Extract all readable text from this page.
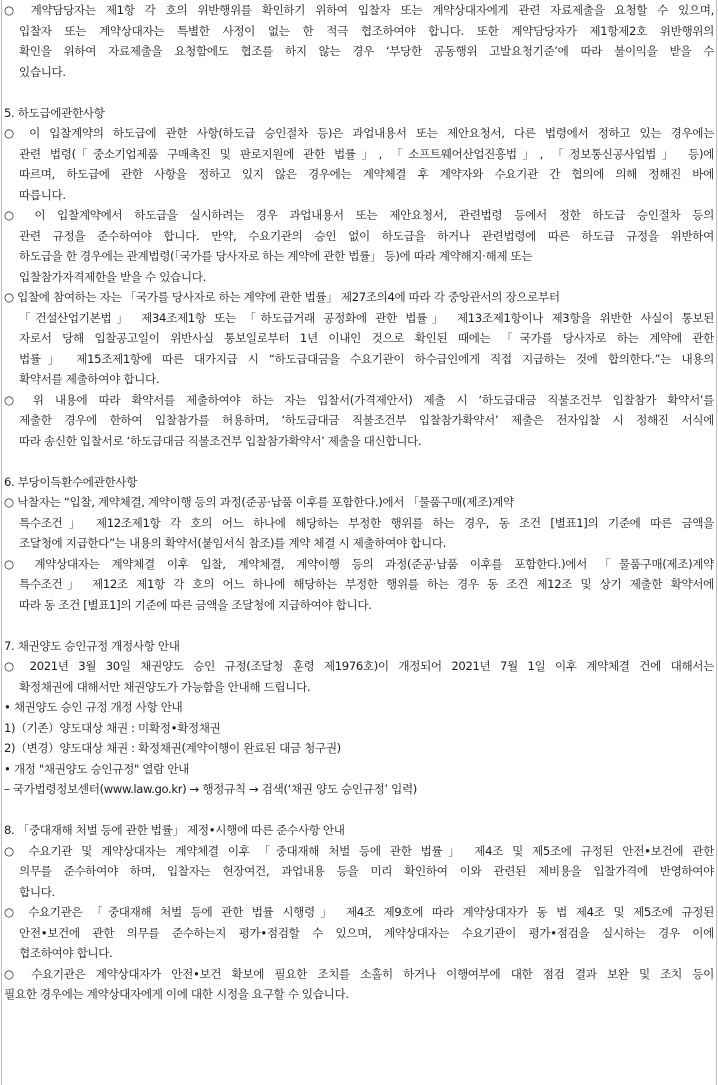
○ 계약담당자는 제1항 각 호의 위반행위를 확인하기 위하여 입찰자 또는 계약상대자에게 관련 자료제출을 요청할 수 있으며,
입찰자 또는 계약상대자는 특별한 사정이 없는 한 적극 협조하여야 합니다. 또한 계약담당자가 제1항제2호 위반행위의
확인을 위하여 자료제출을 요청함에도 협조를 하지 않는 경우 ‘부당한 공동행위 고발요청기준’에 따라 불이익을 받을 수
있습니다.
5. 하도급에관한사항
○ 이 입찰계약의 하도급에 관한 사항(하도급 승인절차 등)은 과업내용서 또는 제안요청서, 다른 법령에서 정하고 있는 경우에는
관련 법령(「중소기업제품 구매촉진 및 판로지원에 관한 법률」, 「소프트웨어산업진흥법」, 「정보통신공사업법」 등)에
따르며, 하도급에 관한 사항을 정하고 있지 않은 경우에는 계약체결 후 계약자와 수요기관 간 협의에 의해 정해진 바에
따릅니다.
○ 이 입찰계약에서 하도급을 실시하려는 경우 과업내용서 또는 제안요청서, 관련법령 등에서 정한 하도급 승인절차 등의
관련 규정을 준수하여야 합니다. 만약, 수요기관의 승인 없이 하도급을 하거나 관련법령에 따른 하도급 규정을 위반하여
하도급을 한 경우에는 관계법령(「국가를 당사자로 하는 계약에 관한 법률」 등)에 따라 계약해지·해제 또는
입찰참가자격제한을 받을 수 있습니다.
○ 입찰에 참여하는 자는 「국가를 당사자로 하는 계약에 관한 법률」 제27조의4에 따라 각 중앙관서의 장으로부터
「건설산업기본법」 제34조제1항 또는 「하도급거래 공정화에 관한 법률」 제13조제1항이나 제3항을 위반한 사실이 통보된
자로서 당해 입찰공고일이 위반사실 통보일로부터 1년 이내인 것으로 확인된 때에는 「국가를 당사자로 하는 계약에 관한
법률」 제15조제1항에 따른 대가지급 시 “하도급대금을 수요기관이 하수급인에게 직접 지급하는 것에 합의한다.”는 내용의
확약서를 제출하여야 합니다.
○ 위 내용에 따라 확약서를 제출하여야 하는 자는 입찰서(가격제안서) 제출 시 ‘하도급대금 직불조건부 입찰참가 확약서’를
제출한 경우에 한하여 입찰참가를 허용하며, ‘하도급대금 직불조건부 입찰참가확약서’ 제출은 전자입찰 시 정해진 서식에
따라 송신한 입찰서로 ‘하도급대금 직불조건부 입찰참가확약서’ 제출을 대신합니다.
6. 부당이득환수에관한사항
○ 낙찰자는 “입찰, 계약체결, 계약이행 등의 과정(준공·납품 이후를 포함한다.)에서 「물품구매(제조)계약
특수조건」 제12조제1항 각 호의 어느 하나에 해당하는 부정한 행위를 하는 경우, 동 조건 [별표1]의 기준에 따른 금액을
조달청에 지급한다”는 내용의 확약서(붙임서식 참조)를 계약 체결 시 제출하여야 합니다.
○ 계약상대자는 계약체결 이후 입찰, 계약체결, 계약이행 등의 과정(준공·납품 이후를 포함한다.)에서 「물품구매(제조)계약
특수조건」 제12조 제1항 각 호의 어느 하나에 해당하는 부정한 행위를 하는 경우 동 조건 제12조 및 상기 제출한 확약서에
따라 동 조건 [별표1]의 기준에 따른 금액을 조달청에 지급하여야 합니다.
7. 채권양도 승인규정 개정사항 안내
○ 2021년 3월 30일 채권양도 승인 규정(조달청 훈령 제1976호)이 개정되어 2021년 7월 1일 이후 계약체결 건에 대해서는
확정채권에 대해서만 채권양도가 가능함을 안내해 드립니다.
• 채권양도 승인 규정 개정 사항 안내
1)（기존）양도대상 채권 : 미확정•확정채권
2)（변경）양도대상 채권 : 확정채권(계약이행이 완료된 대금 청구권)
• 개정 "채권양도 승인규정" 열람 안내
– 국가법령정보센터(www.law.go.kr) → 행정규칙 → 검색(‘채권 양도 승인규정’ 입력)
8. 「중대재해 처벌 등에 관한 법률」 제정•시행에 따른 준수사항 안내
○ 수요기관 및 계약상대자는 계약체결 이후 「중대재해 처벌 등에 관한 법률」 제4조 및 제5조에 규정된 안전•보건에 관한
의무를 준수하여야 하며, 입찰자는 현장여건, 과업내용 등을 미리 확인하여 이와 관련된 제비용을 입찰가격에 반영하여야
합니다.
○ 수요기관은 「중대재해 처벌 등에 관한 법률 시행령」 제4조 제9호에 따라 계약상대자가 동 법 제4조 및 제5조에 규정된
안전•보건에 관한 의무를 준수하는지 평가•점검할 수 있으며, 계약상대자는 수요기관이 평가•점검을 실시하는 경우 이에
협조하여야 합니다.
○ 수요기관은 계약상대자가 안전•보건 확보에 필요한 조치를 소홀히 하거나 이행여부에 대한 점검 결과 보완 및 조치 등이
필요한 경우에는 계약상대자에게 이에 대한 시정을 요구할 수 있습니다.
